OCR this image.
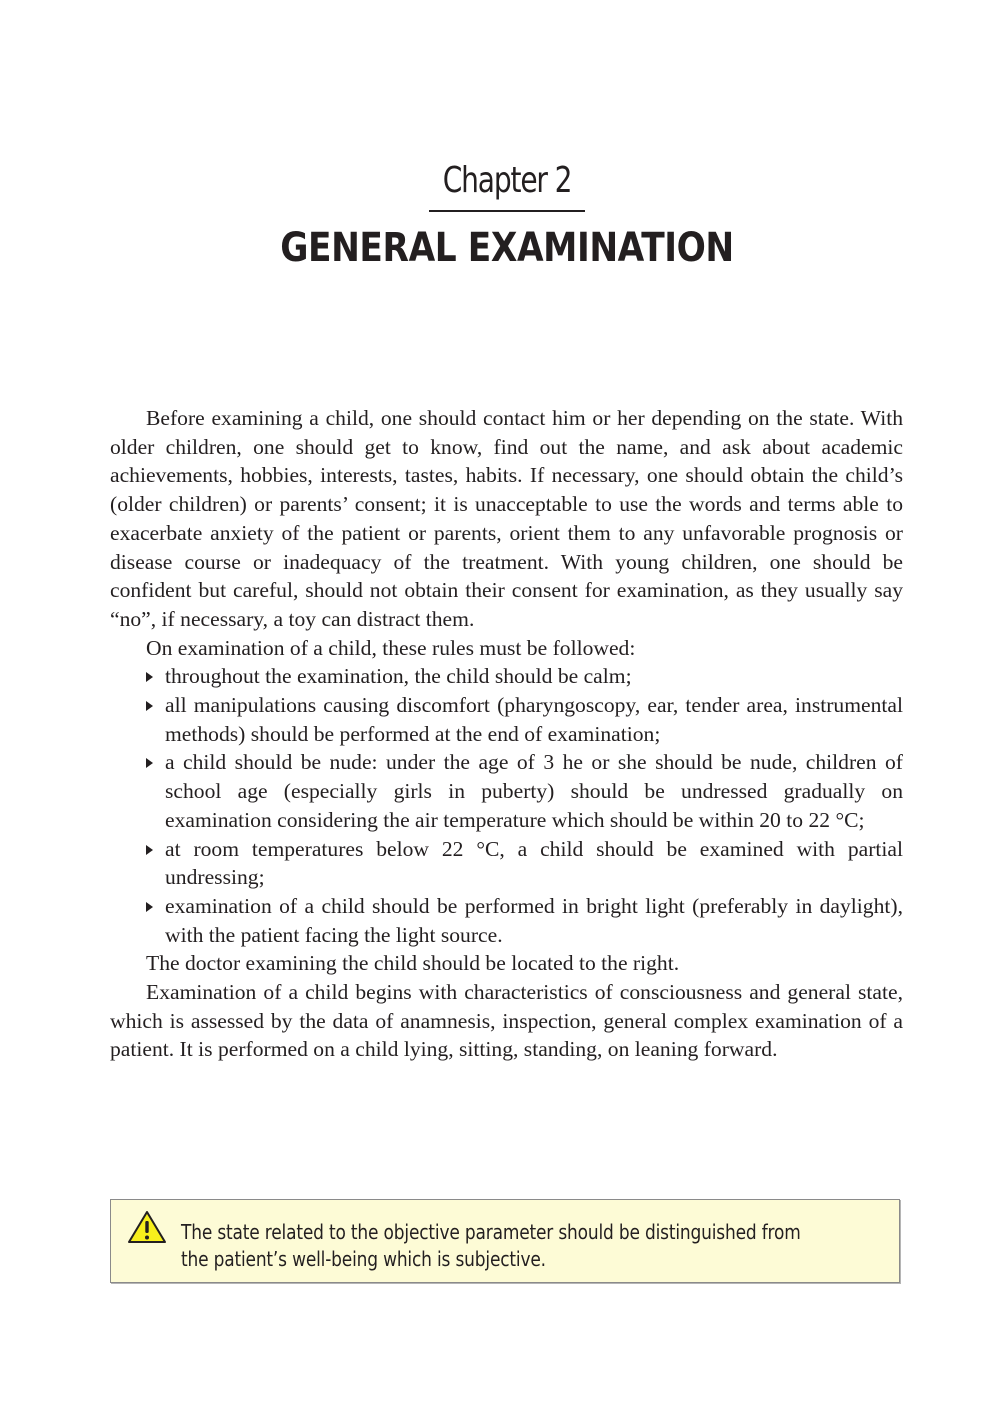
Chapter 2
GENERAL EXAMINATION

Before examining a child, one should contact him or her depending on the state. With older children, one should get to know, find out the name, and ask about academic achievements, hobbies, interests, tastes, habits. If necessary, one should obtain the child’s (older children) or parents’ consent; it is unacceptable to use the words and terms able to exacerbate anxiety of the patient or parents, orient them to any unfavorable prognosis or disease course or inadequacy of the treatment. With young children, one should be confident but careful, should not obtain their consent for examination, as they usually say “no”, if necessary, a toy can distract them.

On examination of a child, these rules must be followed:

throughout the examination, the child should be calm;
all manipulations causing discomfort (pharyngoscopy, ear, tender area, instrumental methods) should be performed at the end of examination;
a child should be nude: under the age of 3 he or she should be nude, children of school age (especially girls in puberty) should be undressed gradually on examination considering the air temperature which should be within 20 to 22 °C;
at room temperatures below 22 °C, a child should be examined with partial undressing;
examination of a child should be performed in bright light (preferably in daylight), with the patient facing the light source.

The doctor examining the child should be located to the right.

Examination of a child begins with characteristics of consciousness and general state, which is assessed by the data of anamnesis, inspection, general complex examination of a patient. It is performed on a child lying, sitting, standing, on leaning forward.

The state related to the objective parameter should be distinguished from the patient’s well-being which is subjective.
